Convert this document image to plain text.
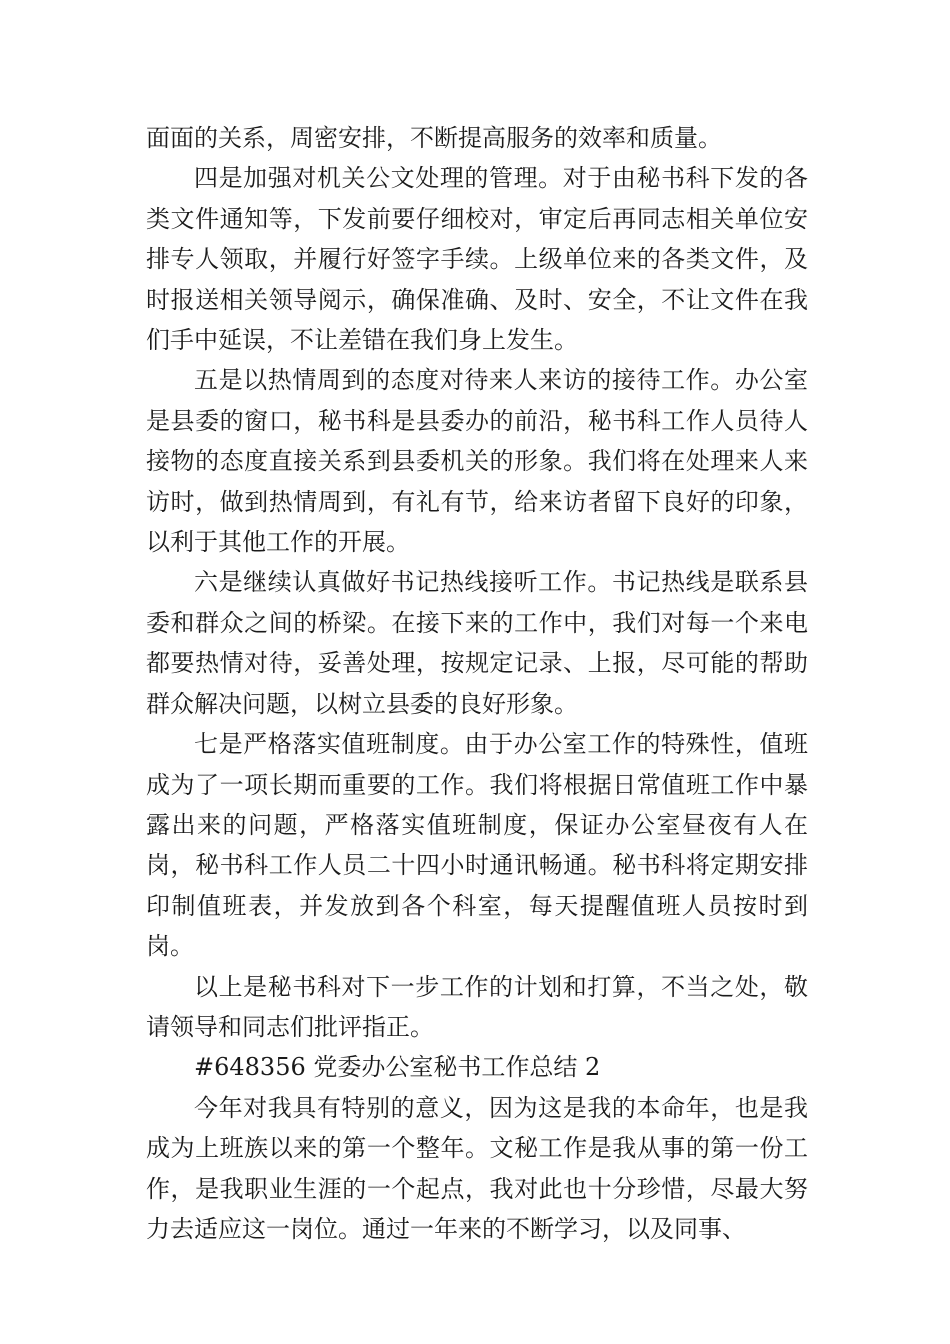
面面的关系，周密安排，不断提高服务的效率和质量。

四是加强对机关公文处理的管理。对于由秘书科下发的各类文件通知等，下发前要仔细校对，审定后再同志相关单位安排专人领取，并履行好签字手续。上级单位来的各类文件，及时报送相关领导阅示，确保准确、及时、安全，不让文件在我们手中延误，不让差错在我们身上发生。

五是以热情周到的态度对待来人来访的接待工作。办公室是县委的窗口，秘书科是县委办的前沿，秘书科工作人员待人接物的态度直接关系到县委机关的形象。我们将在处理来人来访时，做到热情周到，有礼有节，给来访者留下良好的印象，以利于其他工作的开展。

六是继续认真做好书记热线接听工作。书记热线是联系县委和群众之间的桥梁。在接下来的工作中，我们对每一个来电都要热情对待，妥善处理，按规定记录、上报，尽可能的帮助群众解决问题，以树立县委的良好形象。

七是严格落实值班制度。由于办公室工作的特殊性，值班成为了一项长期而重要的工作。我们将根据日常值班工作中暴露出来的问题，严格落实值班制度，保证办公室昼夜有人在岗，秘书科工作人员二十四小时通讯畅通。秘书科将定期安排印制值班表，并发放到各个科室，每天提醒值班人员按时到岗。

以上是秘书科对下一步工作的计划和打算，不当之处，敬请领导和同志们批评指正。

#648356 党委办公室秘书工作总结 2

今年对我具有特别的意义，因为这是我的本命年，也是我成为上班族以来的第一个整年。文秘工作是我从事的第一份工作，是我职业生涯的一个起点，我对此也十分珍惜，尽最大努力去适应这一岗位。通过一年来的不断学习，以及同事、
